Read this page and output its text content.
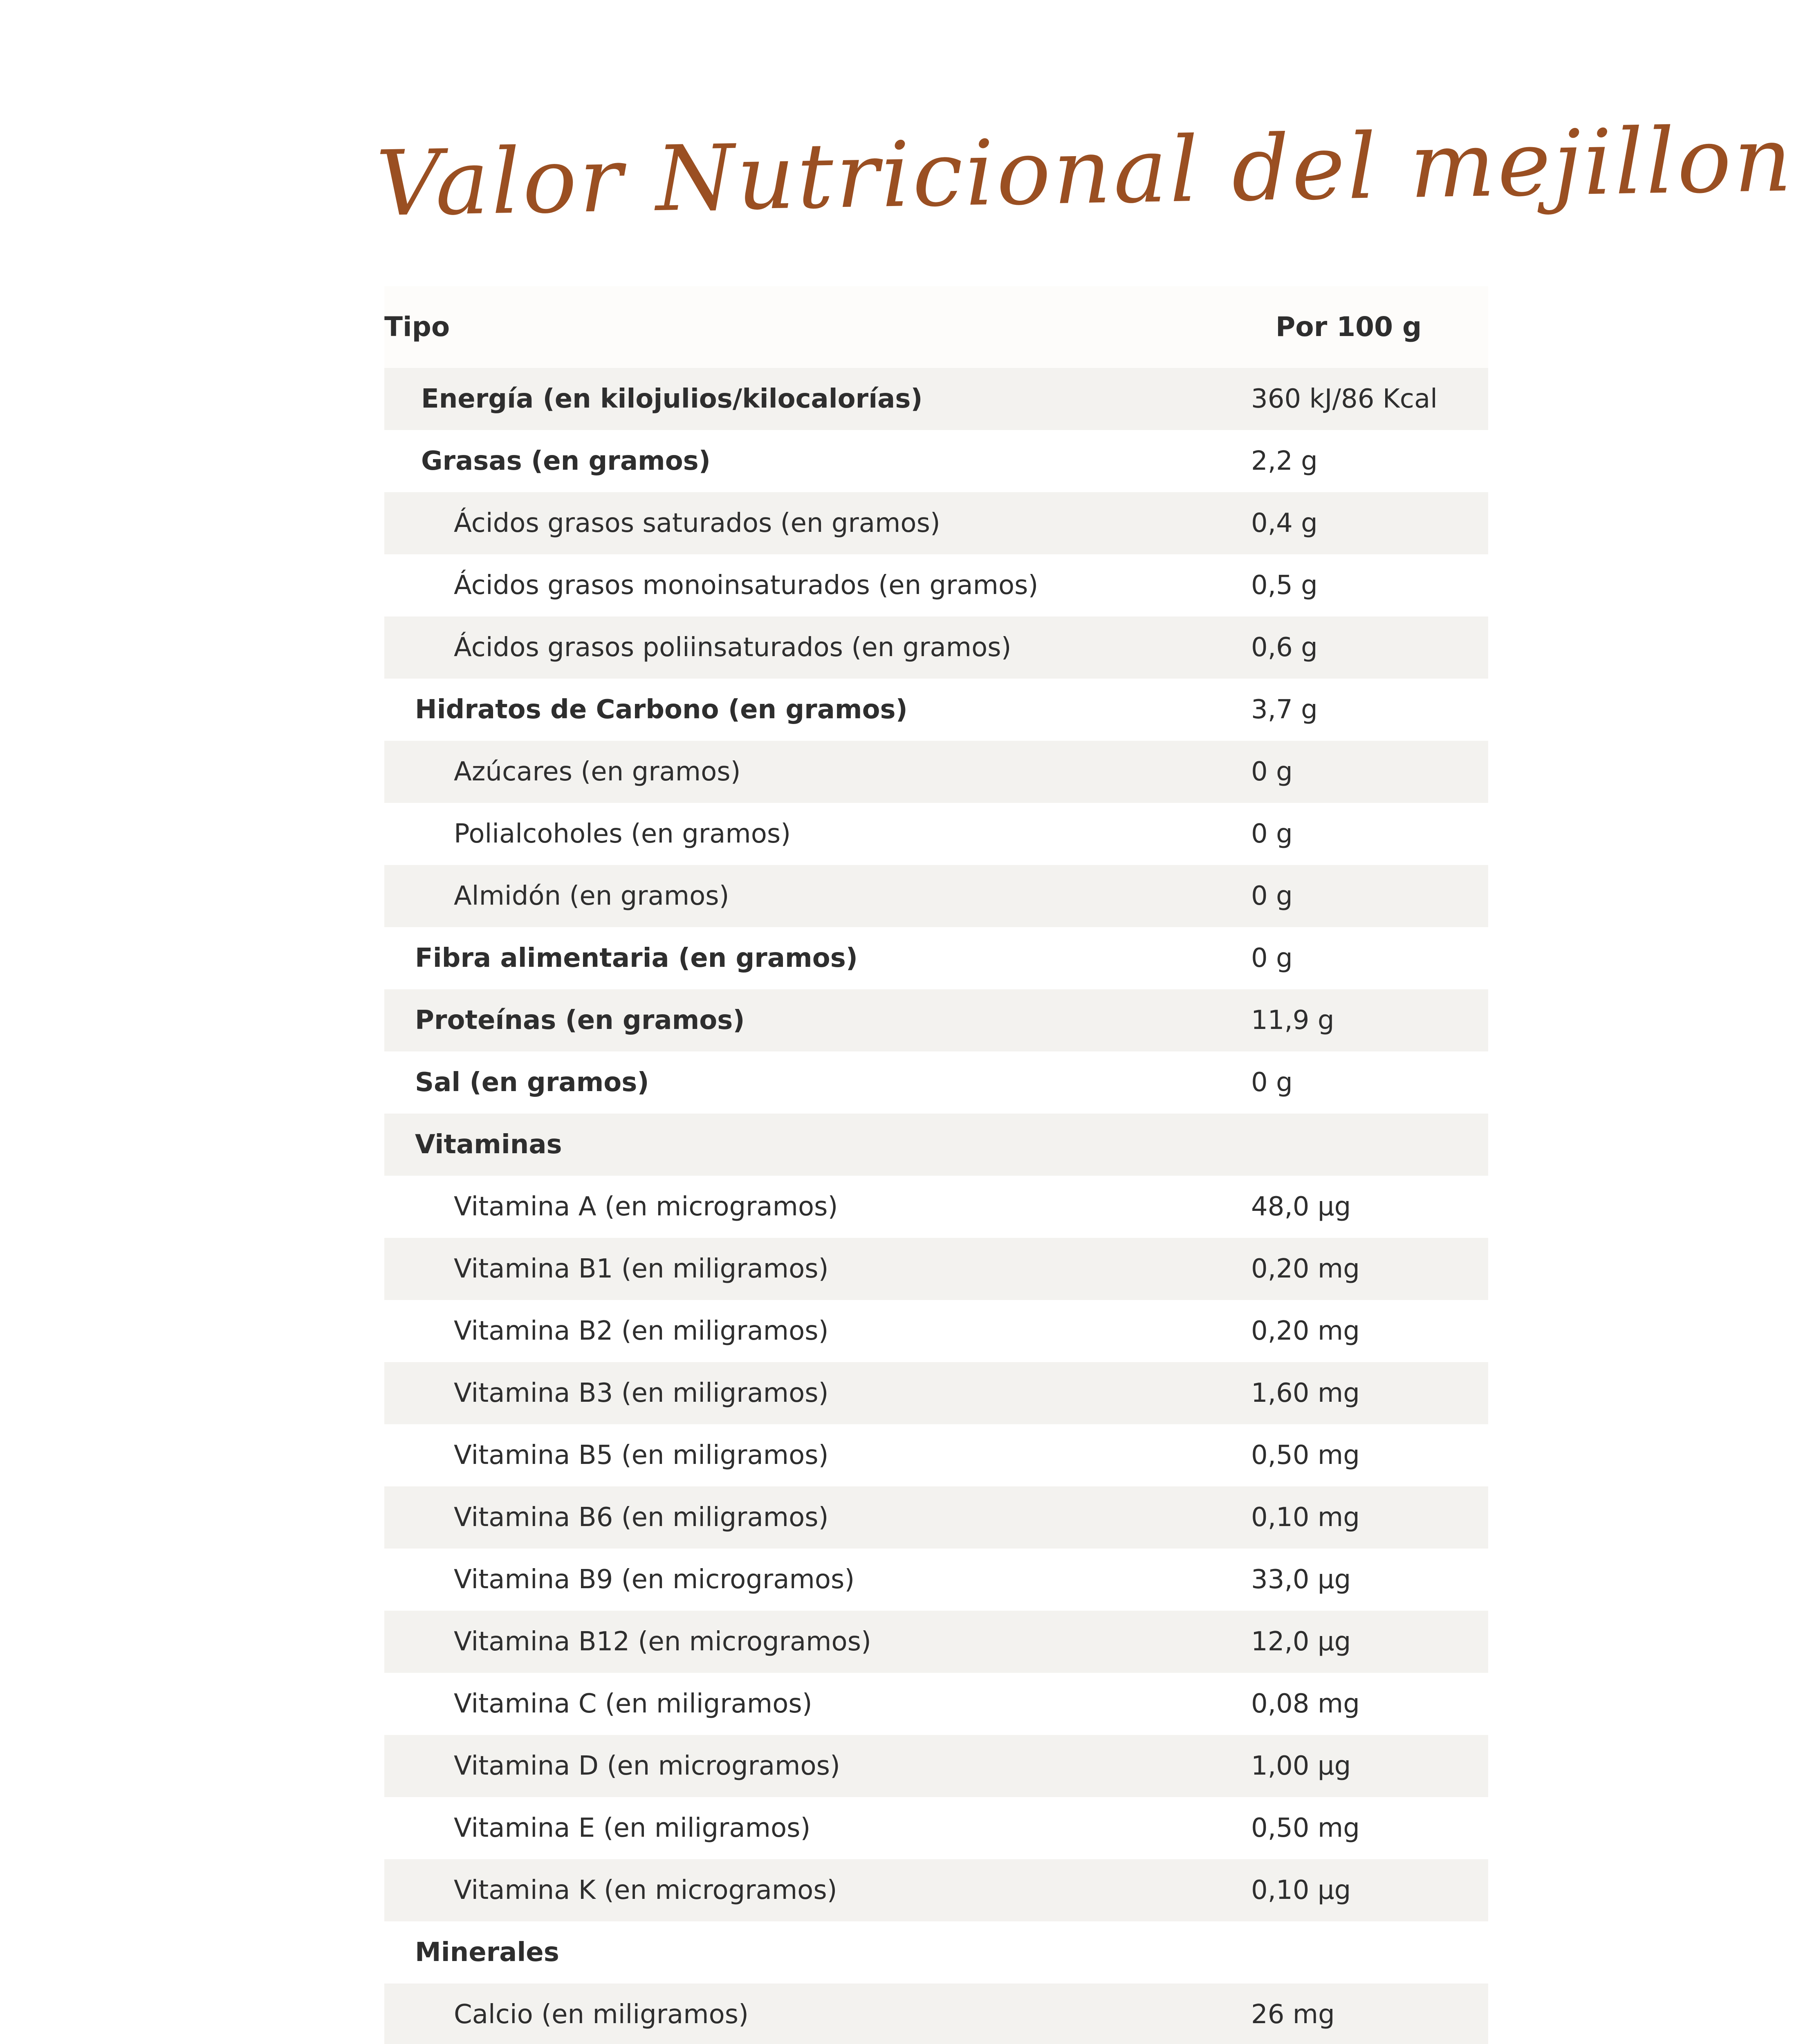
Valor Nutricional del mejillon
Tipo	Por 100 g
Energía (en kilojulios/kilocalorías)	360 kJ/86 Kcal
Grasas (en gramos)	2,2 g
Ácidos grasos saturados (en gramos)	0,4 g
Ácidos grasos monoinsaturados (en gramos)	0,5 g
Ácidos grasos poliinsaturados (en gramos)	0,6 g
Hidratos de Carbono (en gramos)	3,7 g
Azúcares (en gramos)	0 g
Polialcoholes (en gramos)	0 g
Almidón (en gramos)	0 g
Fibra alimentaria (en gramos)	0 g
Proteínas (en gramos)	11,9 g
Sal (en gramos)	0 g
Vitaminas
Vitamina A (en microgramos)	48,0 µg
Vitamina B1 (en miligramos)	0,20 mg
Vitamina B2 (en miligramos)	0,20 mg
Vitamina B3 (en miligramos)	1,60 mg
Vitamina B5 (en miligramos)	0,50 mg
Vitamina B6 (en miligramos)	0,10 mg
Vitamina B9 (en microgramos)	33,0 µg
Vitamina B12 (en microgramos)	12,0 µg
Vitamina C (en miligramos)	0,08 mg
Vitamina D (en microgramos)	1,00 µg
Vitamina E (en miligramos)	0,50 mg
Vitamina K (en microgramos)	0,10 µg
Minerales
Calcio (en miligramos)	26 mg
